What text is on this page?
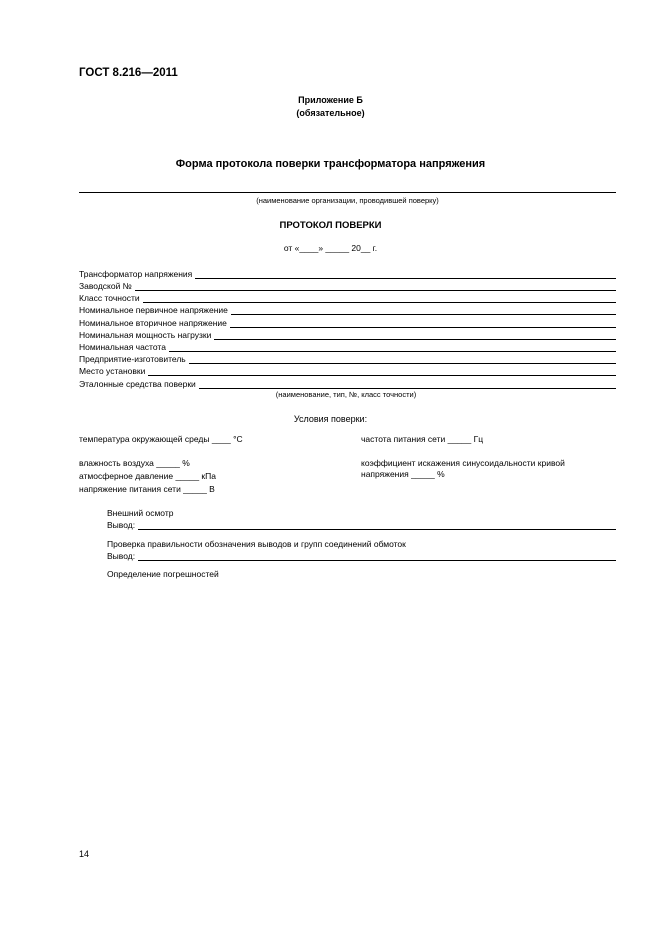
ГОСТ 8.216—2011
Приложение Б
(обязательное)
Форма протокола поверки трансформатора напряжения
(наименование организации, проводившей поверку)
ПРОТОКОЛ ПОВЕРКИ
от «____» _____ 20__ г.
Трансформатор напряжения
Заводской №
Класс точности
Номинальное первичное напряжение
Номинальное вторичное напряжение
Номинальная мощность нагрузки
Номинальная частота
Предприятие-изготовитель
Место установки
Эталонные средства поверки
(наименование, тип, №, класс точности)
Условия поверки:
температура окружающей среды ____ °С	частота питания сети _____ Гц
влажность воздуха _____ %	коэффициент искажения синусоидальности кривой
атмосферное давление _____ кПа	напряжения _____ %
напряжение питания сети _____ В
Внешний осмотр
Вывод:
Проверка правильности обозначения выводов и групп соединений обмоток
Вывод:
Определение погрешностей
14
